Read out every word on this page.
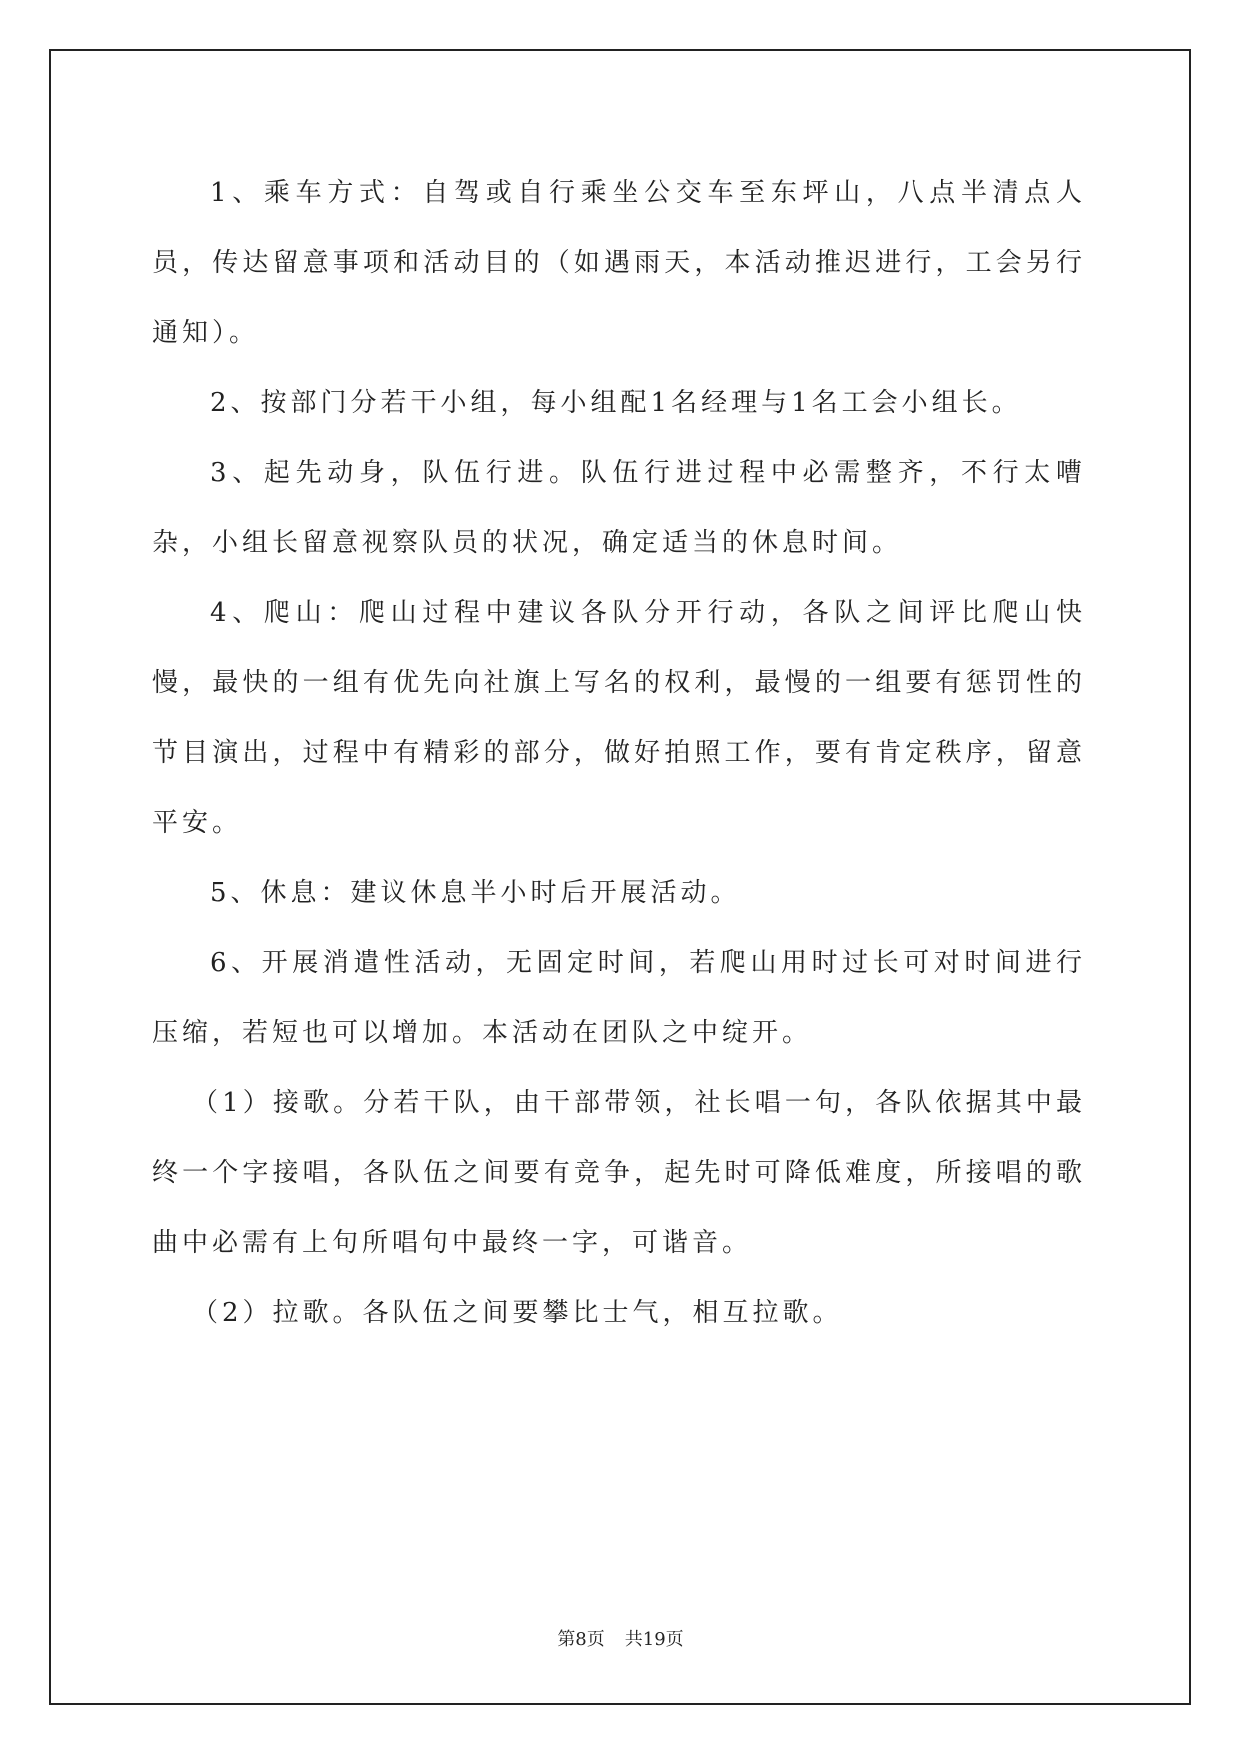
1、乘车方式：自驾或自行乘坐公交车至东坪山，八点半清点人员，传达留意事项和活动目的（如遇雨天，本活动推迟进行，工会另行通知）。

2、按部门分若干小组，每小组配1名经理与1名工会小组长。

3、起先动身，队伍行进。队伍行进过程中必需整齐，不行太嘈杂，小组长留意视察队员的状况，确定适当的休息时间。

4、爬山：爬山过程中建议各队分开行动，各队之间评比爬山快慢，最快的一组有优先向社旗上写名的权利，最慢的一组要有惩罚性的节目演出，过程中有精彩的部分，做好拍照工作，要有肯定秩序，留意平安。

5、休息：建议休息半小时后开展活动。

6、开展消遣性活动，无固定时间，若爬山用时过长可对时间进行压缩，若短也可以增加。本活动在团队之中绽开。

（1）接歌。分若干队，由干部带领，社长唱一句，各队依据其中最终一个字接唱，各队伍之间要有竞争，起先时可降低难度，所接唱的歌曲中必需有上句所唱句中最终一字，可谐音。

（2）拉歌。各队伍之间要攀比士气，相互拉歌。

第8页 共19页
